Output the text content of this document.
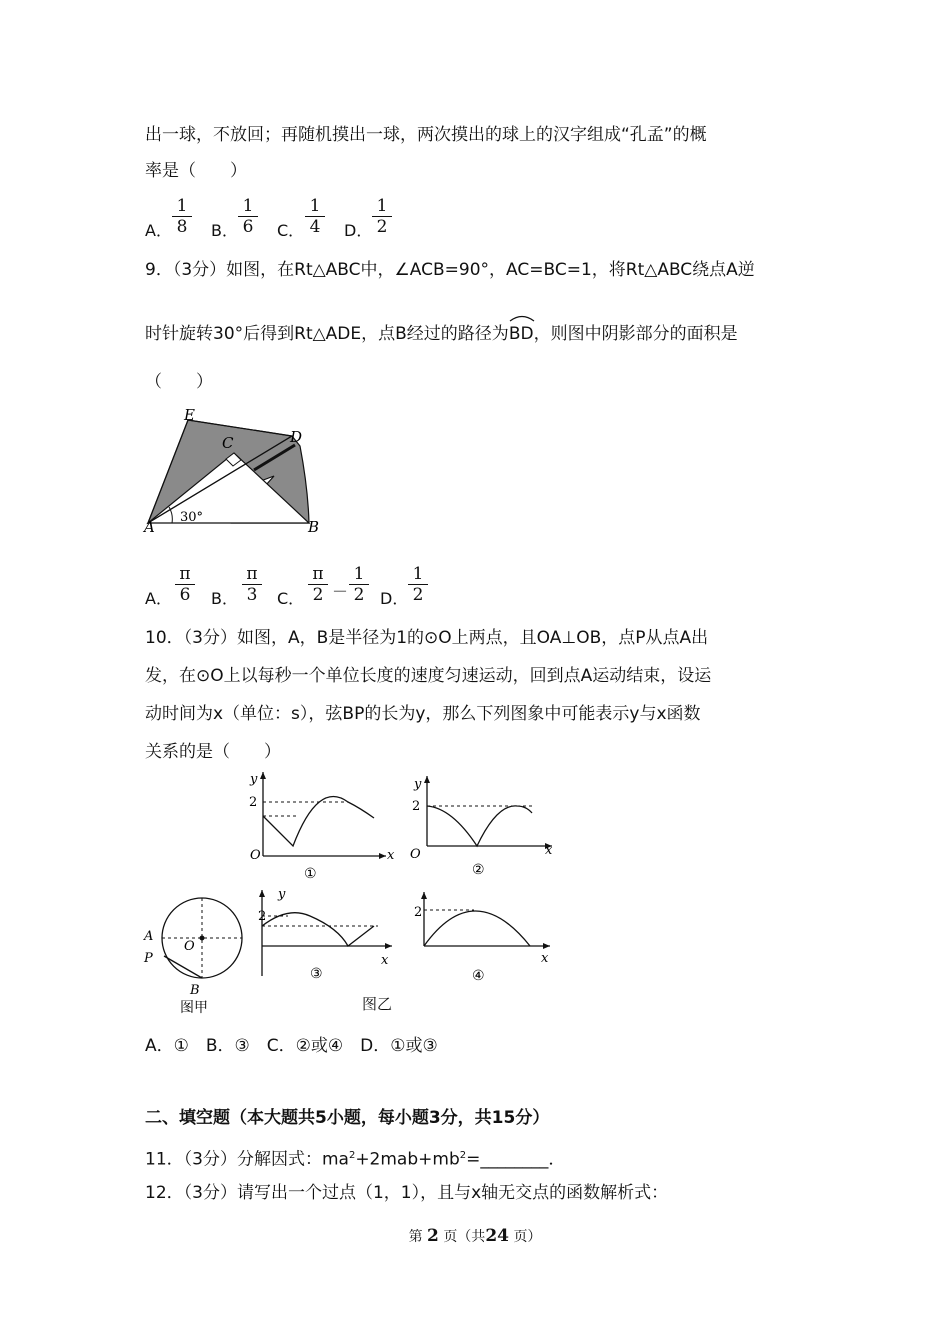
出一球，不放回；再随机摸出一球，两次摸出的球上的汉字组成“孔孟”的概
率是（　　）
A．
1
8 B．
1
6 C．
1
4 D．
1
2
9．（3分）如图，在Rt△ABC中，∠ACB=90°，AC=BC=1，将Rt△ABC绕点A逆
时针旋转30°后得到Rt△ADE，点B经过的路径为
BD，则图中阴影部分的面积是
（　　）
E
C	D
A	B
30°
A．
π
6 B．
π
3 C．
π
2 －
1
2 D．
1
2
10．（3分）如图，A，B是半径为1的⊙O上两点，且OA⊥OB，点P从点A出
发，在⊙O上以每秒一个单位长度的速度匀速运动，回到点A运动结束，设运
动时间为x（单位：s），弦BP的长为y，那么下列图象中可能表示y与x函数
关系的是（　　）
y
2
O	x
①
y
2
O	x
②
A
P
O
B
图甲
y
2
x
③
2
x
④
图乙
A．①　B．③　C．②或④　D．①或③
二、填空题（本大题共5小题，每小题3分，共15分）
11．（3分）分解因式：$ma^2+2mab+mb^2=\_\_\_\_\_\_\_\_$．
12．（3分）请写出一个过点（1，1），且与x轴无交点的函数解析式：
第 2 页（共24 页）
